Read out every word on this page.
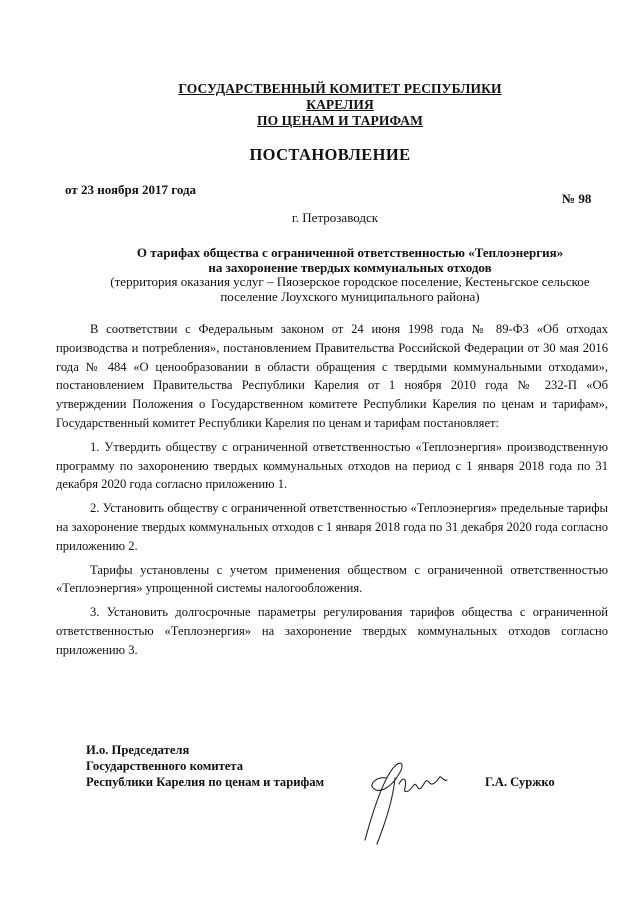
ГОСУДАРСТВЕННЫЙ КОМИТЕТ РЕСПУБЛИКИ КАРЕЛИЯ
ПО ЦЕНАМ И ТАРИФАМ
ПОСТАНОВЛЕНИЕ
от 23 ноября 2017 года
№ 98
г. Петрозаводск
О тарифах общества с ограниченной ответственностью «Теплоэнергия»
на захоронение твердых коммунальных отходов
(территория оказания услуг – Пяозерское городское поселение, Кестеньгское сельское
поселение Лоухского муниципального района)

В соответствии с Федеральным законом от 24 июня 1998 года № 89-ФЗ «Об отходах производства и потребления», постановлением Правительства Российской Федерации от 30 мая 2016 года № 484 «О ценообразовании в области обращения с твердыми коммунальными отходами», постановлением Правительства Республики Карелия от 1 ноября 2010 года № 232-П «Об утверждении Положения о Государственном комитете Республики Карелия по ценам и тарифам», Государственный комитет Республики Карелия по ценам и тарифам постановляет:

1. Утвердить обществу с ограниченной ответственностью «Теплоэнергия» производственную программу по захоронению твердых коммунальных отходов на период с 1 января 2018 года по 31 декабря 2020 года согласно приложению 1.

2. Установить обществу с ограниченной ответственностью «Теплоэнергия» предельные тарифы на захоронение твердых коммунальных отходов с 1 января 2018 года по 31 декабря 2020 года согласно приложению 2.

Тарифы установлены с учетом применения обществом с ограниченной ответственностью «Теплоэнергия» упрощенной системы налогообложения.

3. Установить долгосрочные параметры регулирования тарифов общества с ограниченной ответственностью «Теплоэнергия» на захоронение твердых коммунальных отходов согласно приложению 3.

И.о. Председателя
Государственного комитета
Республики Карелия по ценам и тарифам	Г.А. Суржко
